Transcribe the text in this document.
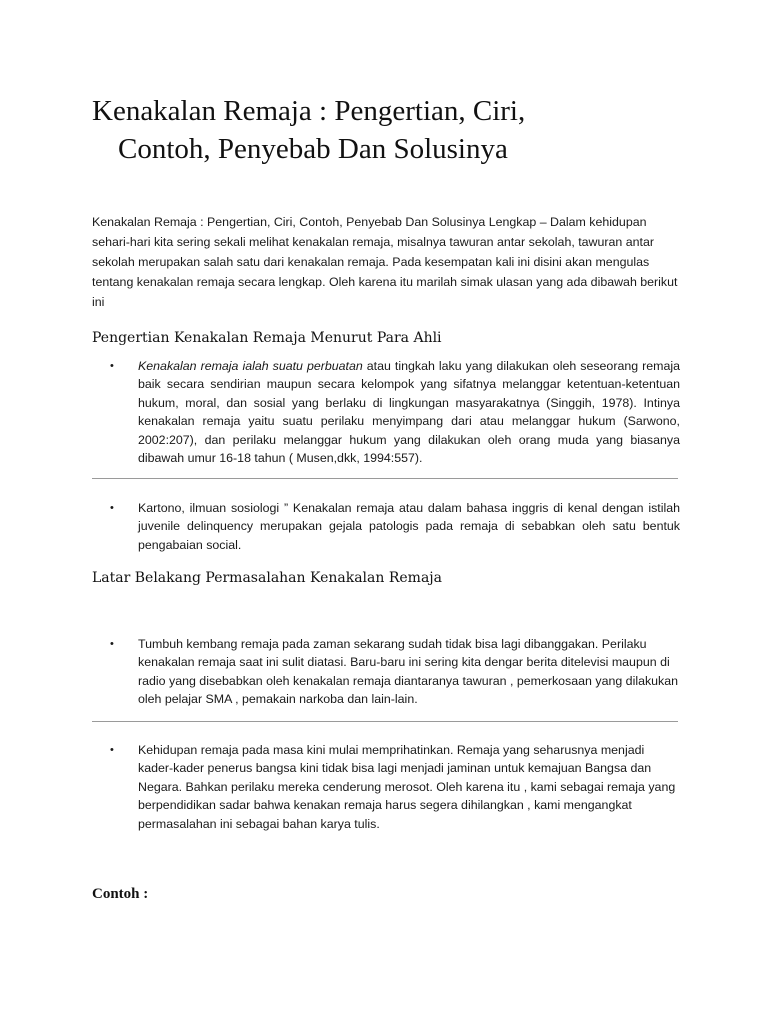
Kenakalan Remaja : Pengertian, Ciri,
Contoh, Penyebab Dan Solusinya
Kenakalan Remaja : Pengertian, Ciri, Contoh, Penyebab Dan Solusinya Lengkap – Dalam kehidupan sehari-hari kita sering sekali melihat kenakalan remaja, misalnya tawuran antar sekolah, tawuran antar sekolah merupakan salah satu dari kenakalan remaja. Pada kesempatan kali ini disini akan mengulas tentang kenakalan remaja secara lengkap. Oleh karena itu marilah simak ulasan yang ada dibawah berikut ini
Pengertian Kenakalan Remaja Menurut Para Ahli
•	Kenakalan remaja ialah suatu perbuatan atau tingkah laku yang dilakukan oleh seseorang remaja baik secara sendirian maupun secara kelompok yang sifatnya melanggar ketentuan-ketentuan hukum, moral, dan sosial yang berlaku di lingkungan masyarakatnya (Singgih, 1978). Intinya kenakalan remaja yaitu suatu perilaku menyimpang dari atau melanggar hukum (Sarwono, 2002:207), dan perilaku melanggar hukum yang dilakukan oleh orang muda yang biasanya dibawah umur 16-18 tahun ( Musen,dkk, 1994:557).
•	Kartono, ilmuan sosiologi ” Kenakalan remaja atau dalam bahasa inggris di kenal dengan istilah juvenile delinquency merupakan gejala patologis pada remaja di sebabkan oleh satu bentuk pengabaian social.
Latar Belakang Permasalahan Kenakalan Remaja
•	Tumbuh kembang remaja pada zaman sekarang sudah tidak bisa lagi dibanggakan. Perilaku kenakalan remaja saat ini sulit diatasi. Baru-baru ini sering kita dengar berita ditelevisi maupun di radio yang disebabkan oleh kenakalan remaja diantaranya tawuran , pemerkosaan yang dilakukan oleh pelajar SMA , pemakain narkoba dan lain-lain.
•	Kehidupan remaja pada masa kini mulai memprihatinkan. Remaja yang seharusnya menjadi kader-kader penerus bangsa kini tidak bisa lagi menjadi jaminan untuk kemajuan Bangsa dan Negara. Bahkan perilaku mereka cenderung merosot. Oleh karena itu , kami sebagai remaja yang berpendidikan sadar bahwa kenakan remaja harus segera dihilangkan , kami mengangkat permasalahan ini sebagai bahan karya tulis.
Contoh :
